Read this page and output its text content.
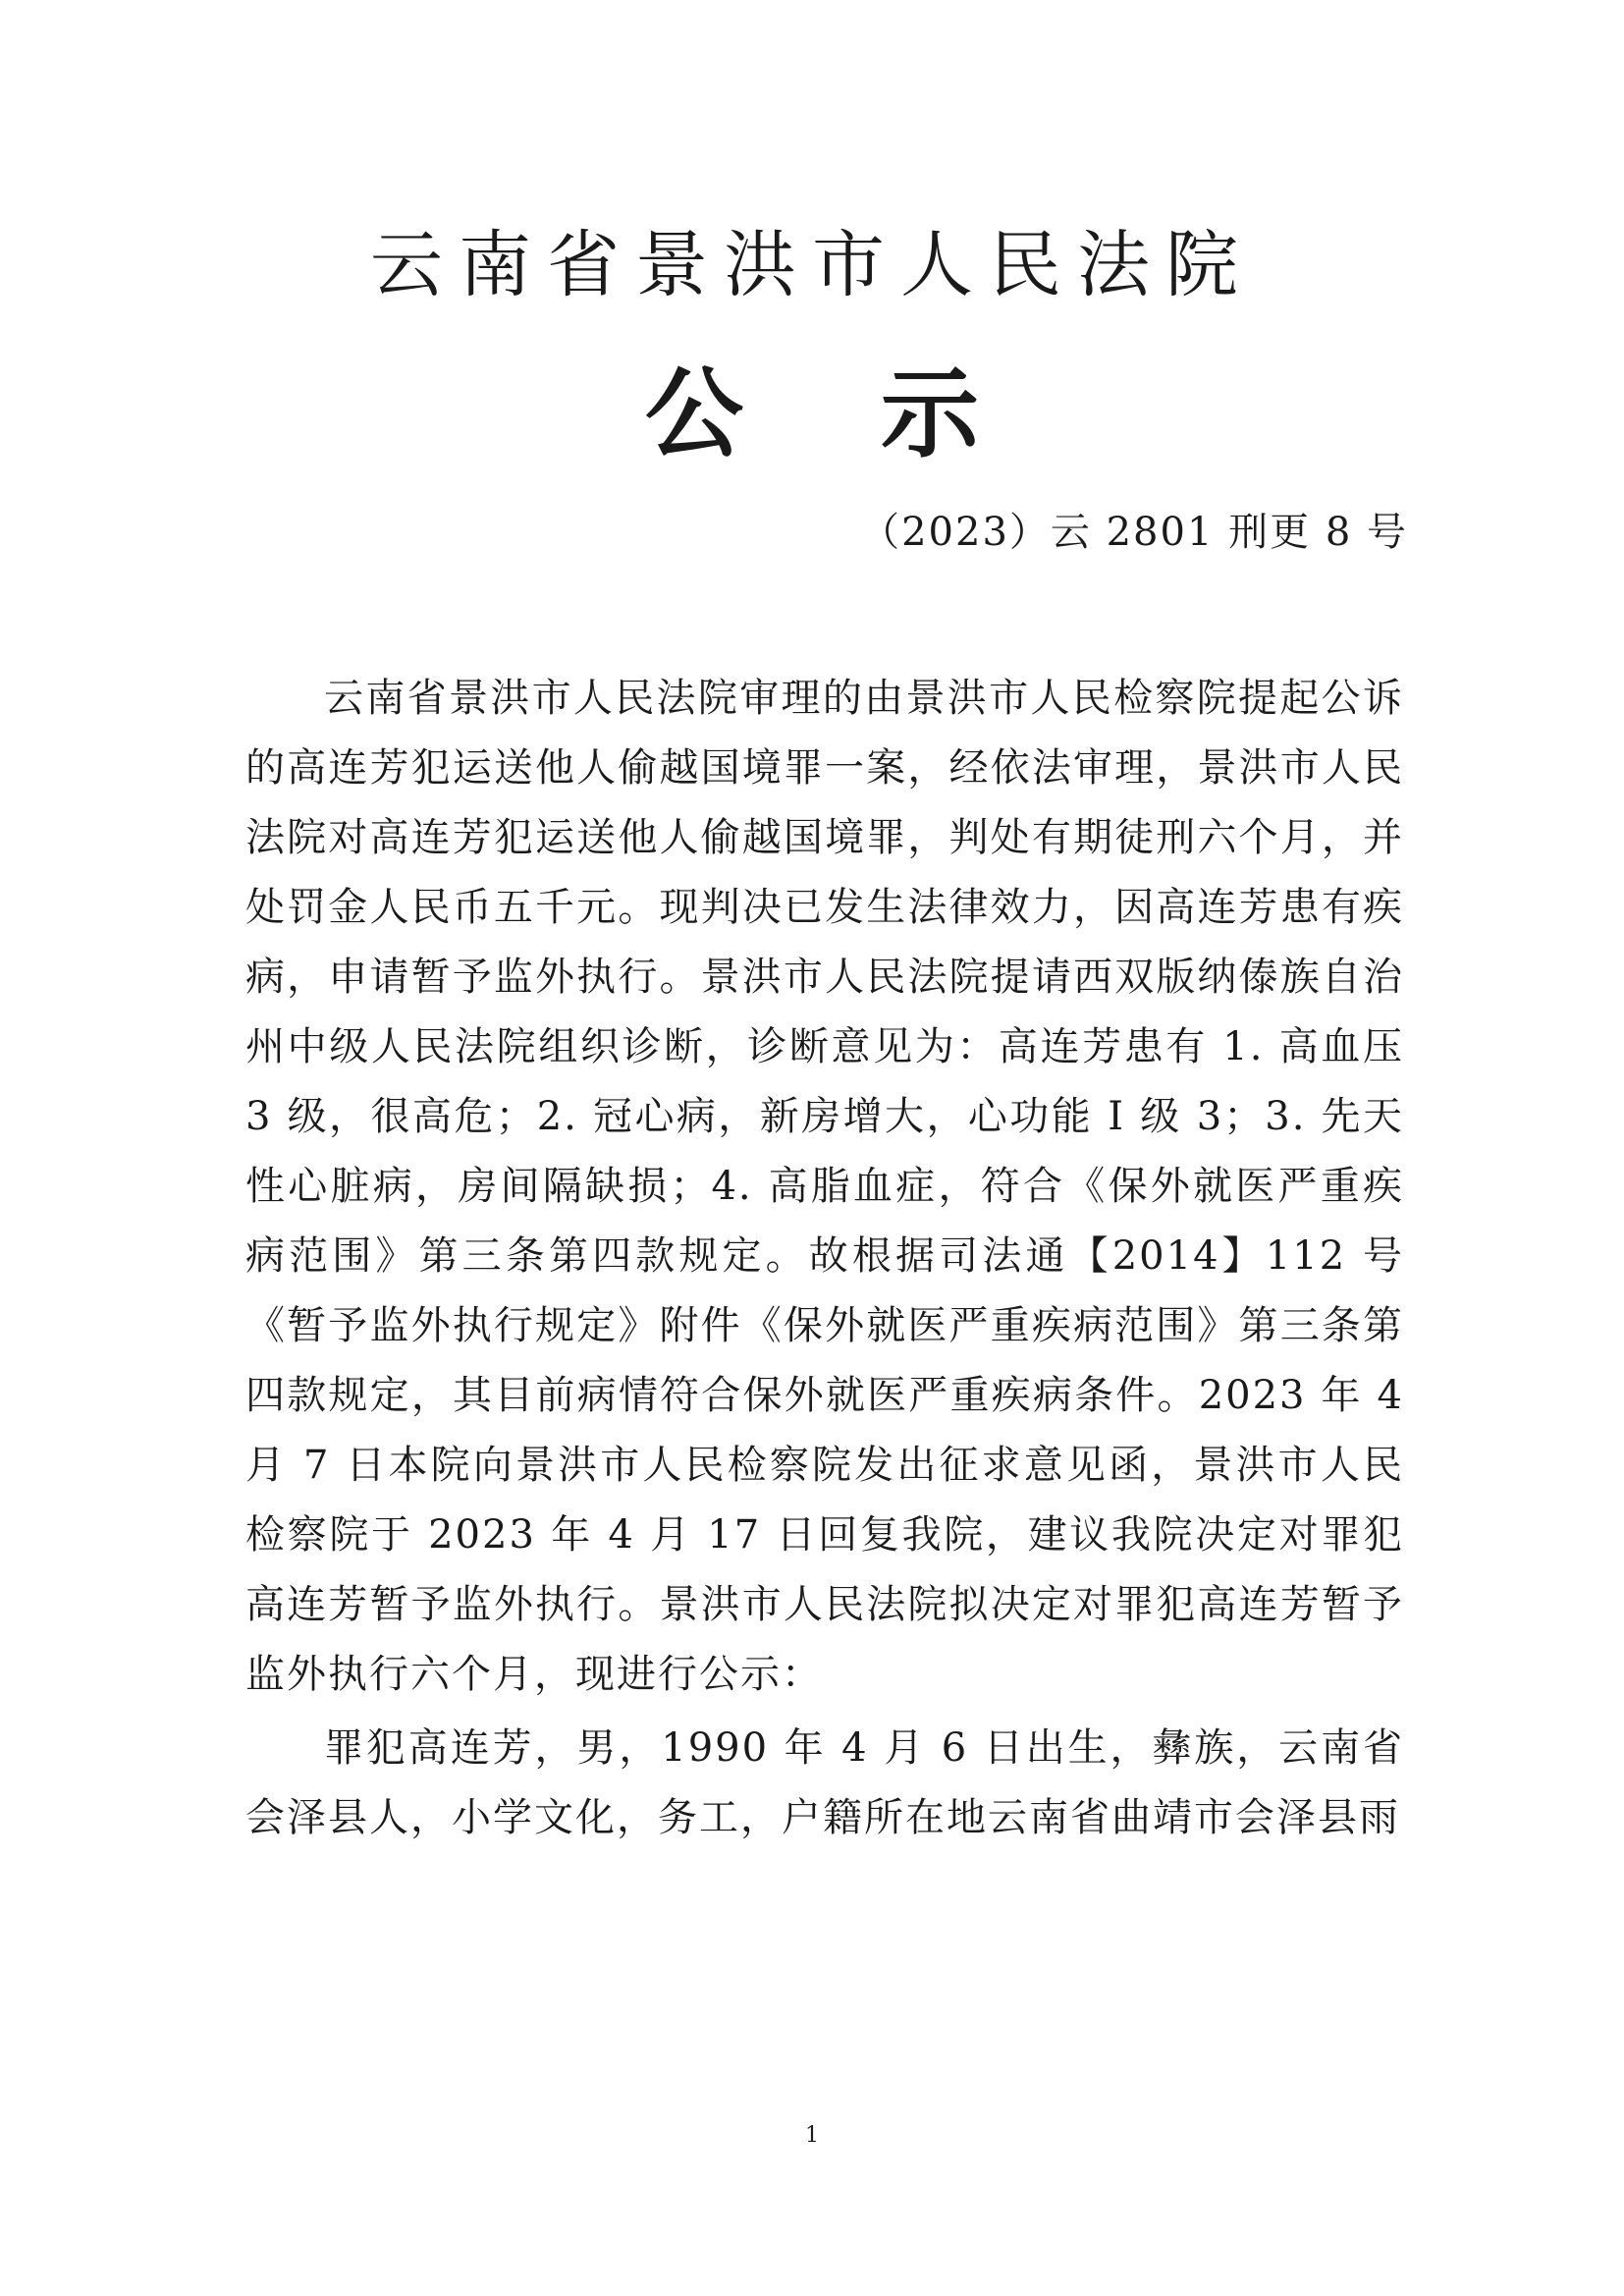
云南省景洪市人民法院
公示
（2023）云 2801 刑更 8 号

云南省景洪市人民法院审理的由景洪市人民检察院提起公诉的高连芳犯运送他人偷越国境罪一案，经依法审理，景洪市人民法院对高连芳犯运送他人偷越国境罪，判处有期徒刑六个月，并处罚金人民币五千元。现判决已发生法律效力，因高连芳患有疾病，申请暂予监外执行。景洪市人民法院提请西双版纳傣族自治州中级人民法院组织诊断，诊断意见为：高连芳患有 1. 高血压 3 级，很高危；2. 冠心病，新房增大，心功能 I 级 3；3. 先天性心脏病，房间隔缺损；4. 高脂血症，符合《保外就医严重疾病范围》第三条第四款规定。故根据司法通【2014】112 号《暂予监外执行规定》附件《保外就医严重疾病范围》第三条第四款规定，其目前病情符合保外就医严重疾病条件。2023 年 4 月 7 日本院向景洪市人民检察院发出征求意见函，景洪市人民检察院于 2023 年 4 月 17 日回复我院，建议我院决定对罪犯高连芳暂予监外执行。景洪市人民法院拟决定对罪犯高连芳暂予监外执行六个月，现进行公示：

罪犯高连芳，男，1990 年 4 月 6 日出生，彝族，云南省会泽县人，小学文化，务工，户籍所在地云南省曲靖市会泽县雨

1
